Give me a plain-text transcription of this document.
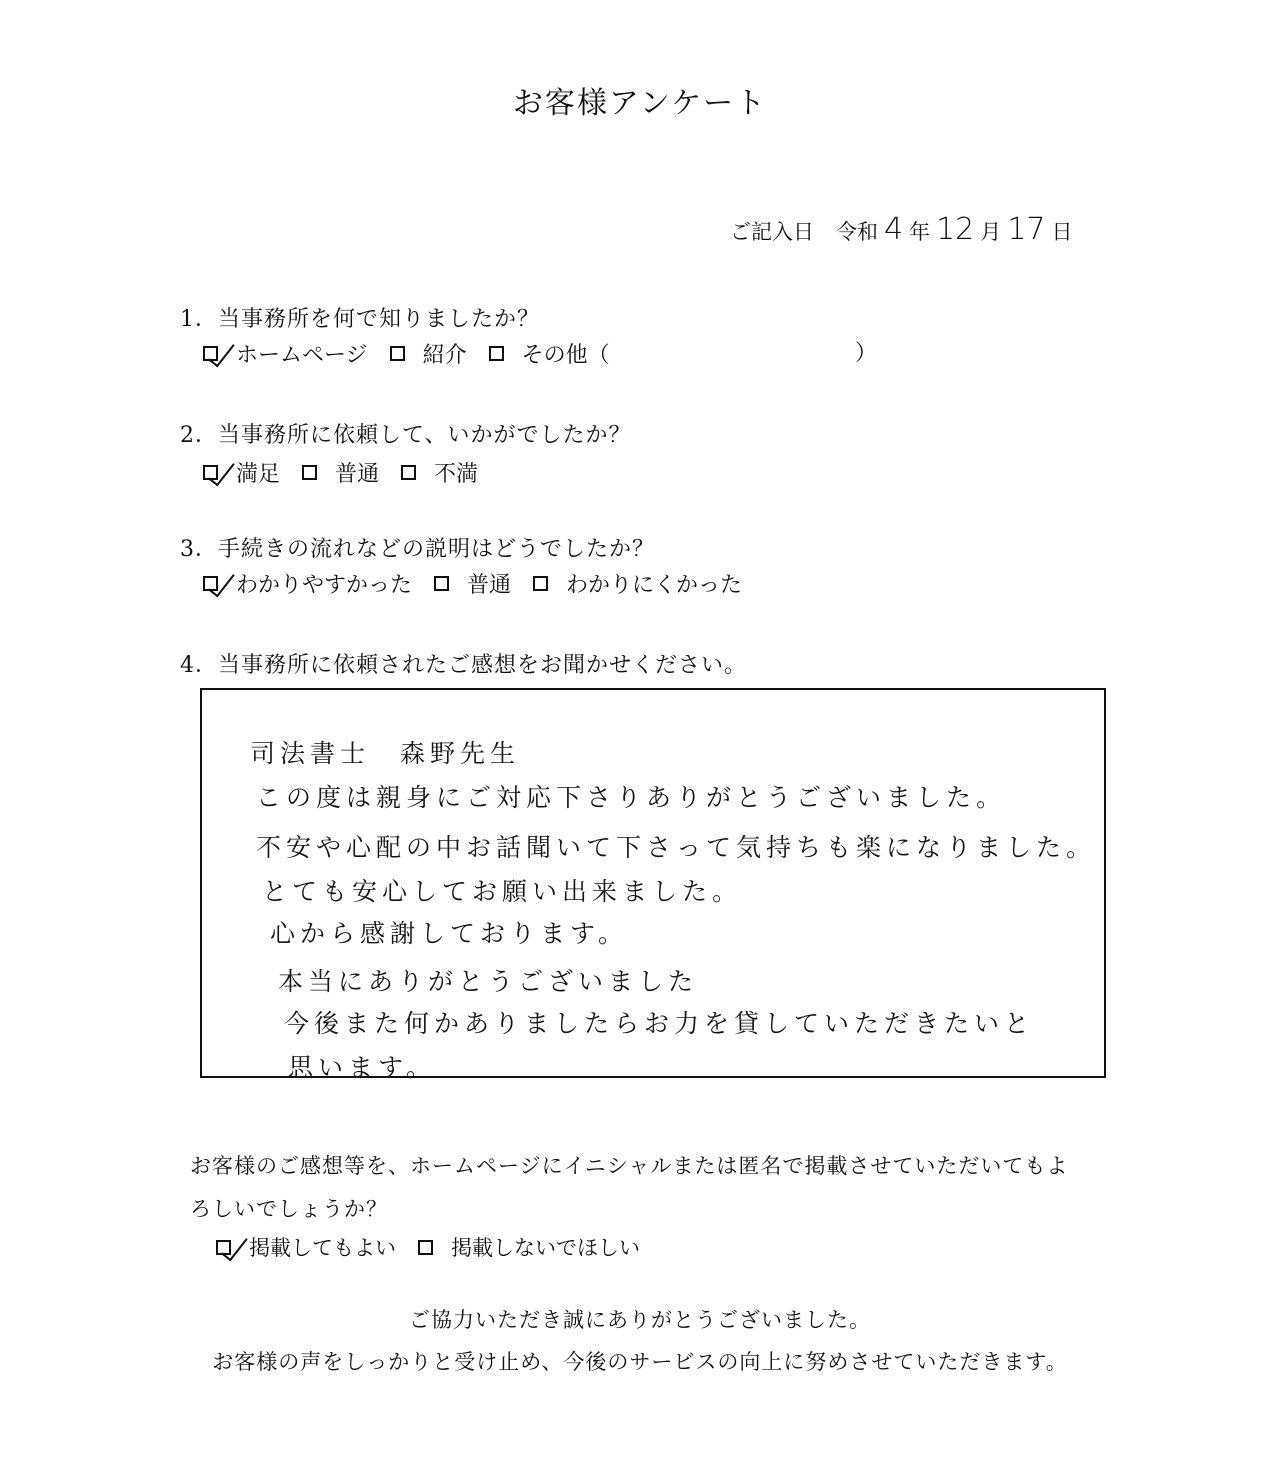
お客様アンケート
ご記入日 令和 4 年 12 月 17 日
1．当事務所を何で知りましたか？
ホームページ	紹介	その他（	）
2．当事務所に依頼して、いかがでしたか？
満足	普通	不満
3．手続きの流れなどの説明はどうでしたか？
わかりやすかった	普通	わかりにくかった
4．当事務所に依頼されたご感想をお聞かせください。
司法書士　森野先生
この度は親身にご対応下さりありがとうございました。
不安や心配の中お話聞いて下さって気持ちも楽になりました。
とても安心してお願い出来ました。
心から感謝しております。
本当にありがとうございました
今後また何かありましたらお力を貸していただきたいと
思います。
お客様のご感想等を、ホームページにイニシャルまたは匿名で掲載させていただいてもよ
ろしいでしょうか？
掲載してもよい	掲載しないでほしい
ご協力いただき誠にありがとうございました。
お客様の声をしっかりと受け止め、今後のサービスの向上に努めさせていただきます。
